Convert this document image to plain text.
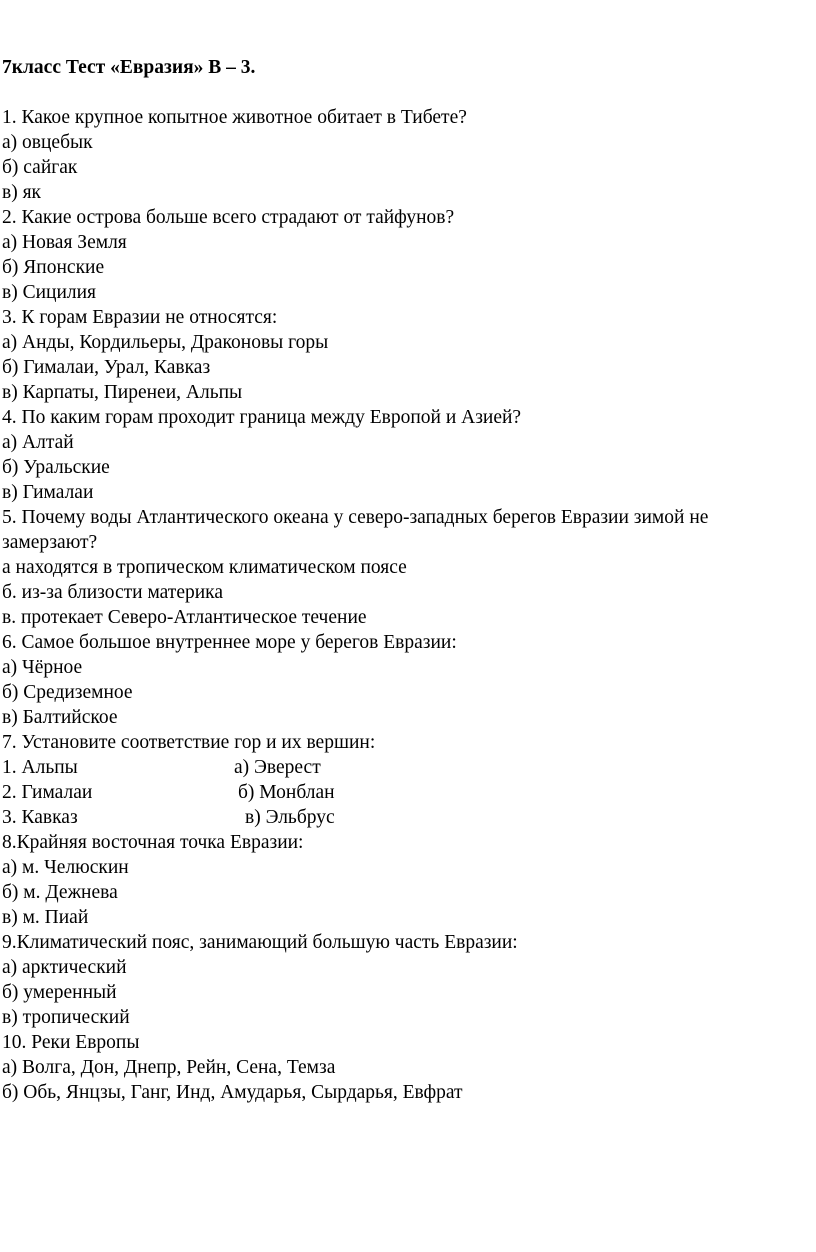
7класс Тест «Евразия» В – 3.
1. Какое крупное копытное животное обитает в Тибете?
а) овцебык
б) сайгак
в) як
2. Какие острова больше всего страдают от тайфунов?
а) Новая Земля
б) Японские
в) Сицилия
3. К горам Евразии не относятся:
а) Анды, Кордильеры, Драконовы горы
б) Гималаи, Урал, Кавказ
в) Карпаты, Пиренеи, Альпы
4. По каким горам проходит граница между Европой и Азией?
а) Алтай
б) Уральские
в) Гималаи
5. Почему воды Атлантического океана у северо-западных берегов Евразии зимой не
замерзают?
а находятся в тропическом климатическом поясе
б. из-за близости материка
в. протекает Северо-Атлантическое течение
6. Самое большое внутреннее море у берегов Евразии:
а) Чёрное
б) Средиземное
в) Балтийское
7. Установите соответствие гор и их вершин:
1. Альпы	а) Эверест
2. Гималаи	б) Монблан
3. Кавказ	в) Эльбрус
8.Крайняя восточная точка Евразии:
а) м. Челюскин
б) м. Дежнева
в) м. Пиай
9.Климатический пояс, занимающий большую часть Евразии:
а) арктический
б) умеренный
в) тропический
10. Реки Европы
а) Волга, Дон, Днепр, Рейн, Сена, Темза
б) Обь, Янцзы, Ганг, Инд, Амударья, Сырдарья, Евфрат
